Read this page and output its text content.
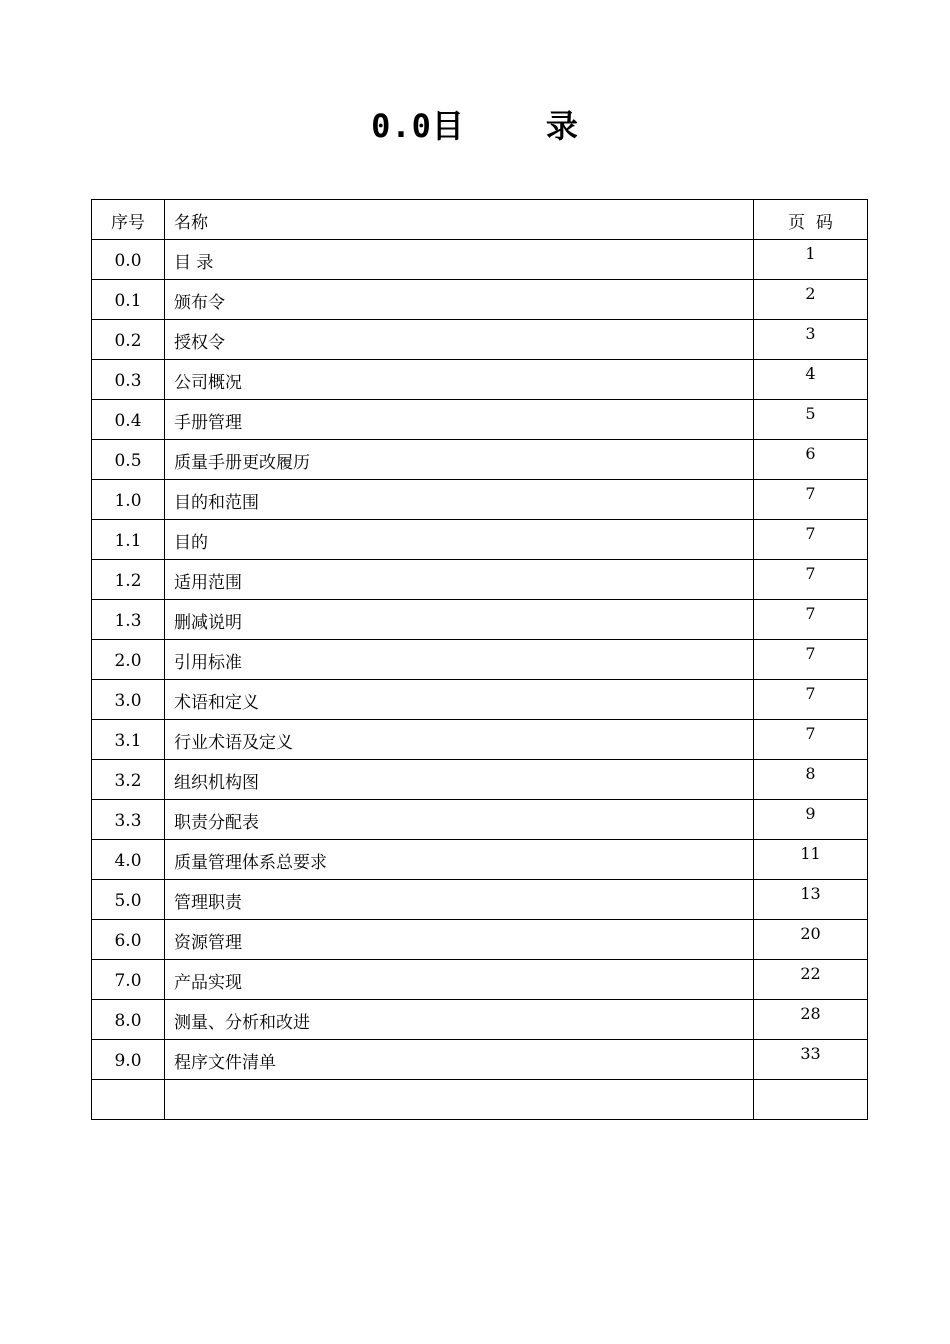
0.0目    录
序号	名称	页  码
0.0	目 录	1
0.1	颁布令	2
0.2	授权令	3
0.3	公司概况	4
0.4	手册管理	5
0.5	质量手册更改履历	6
1.0	目的和范围	7
1.1	目的	7
1.2	适用范围	7
1.3	删减说明	7
2.0	引用标准	7
3.0	术语和定义	7
3.1	行业术语及定义	7
3.2	组织机构图	8
3.3	职责分配表	9
4.0	质量管理体系总要求	11
5.0	管理职责	13
6.0	资源管理	20
7.0	产品实现	22
8.0	测量、分析和改进	28
9.0	程序文件清单	33
